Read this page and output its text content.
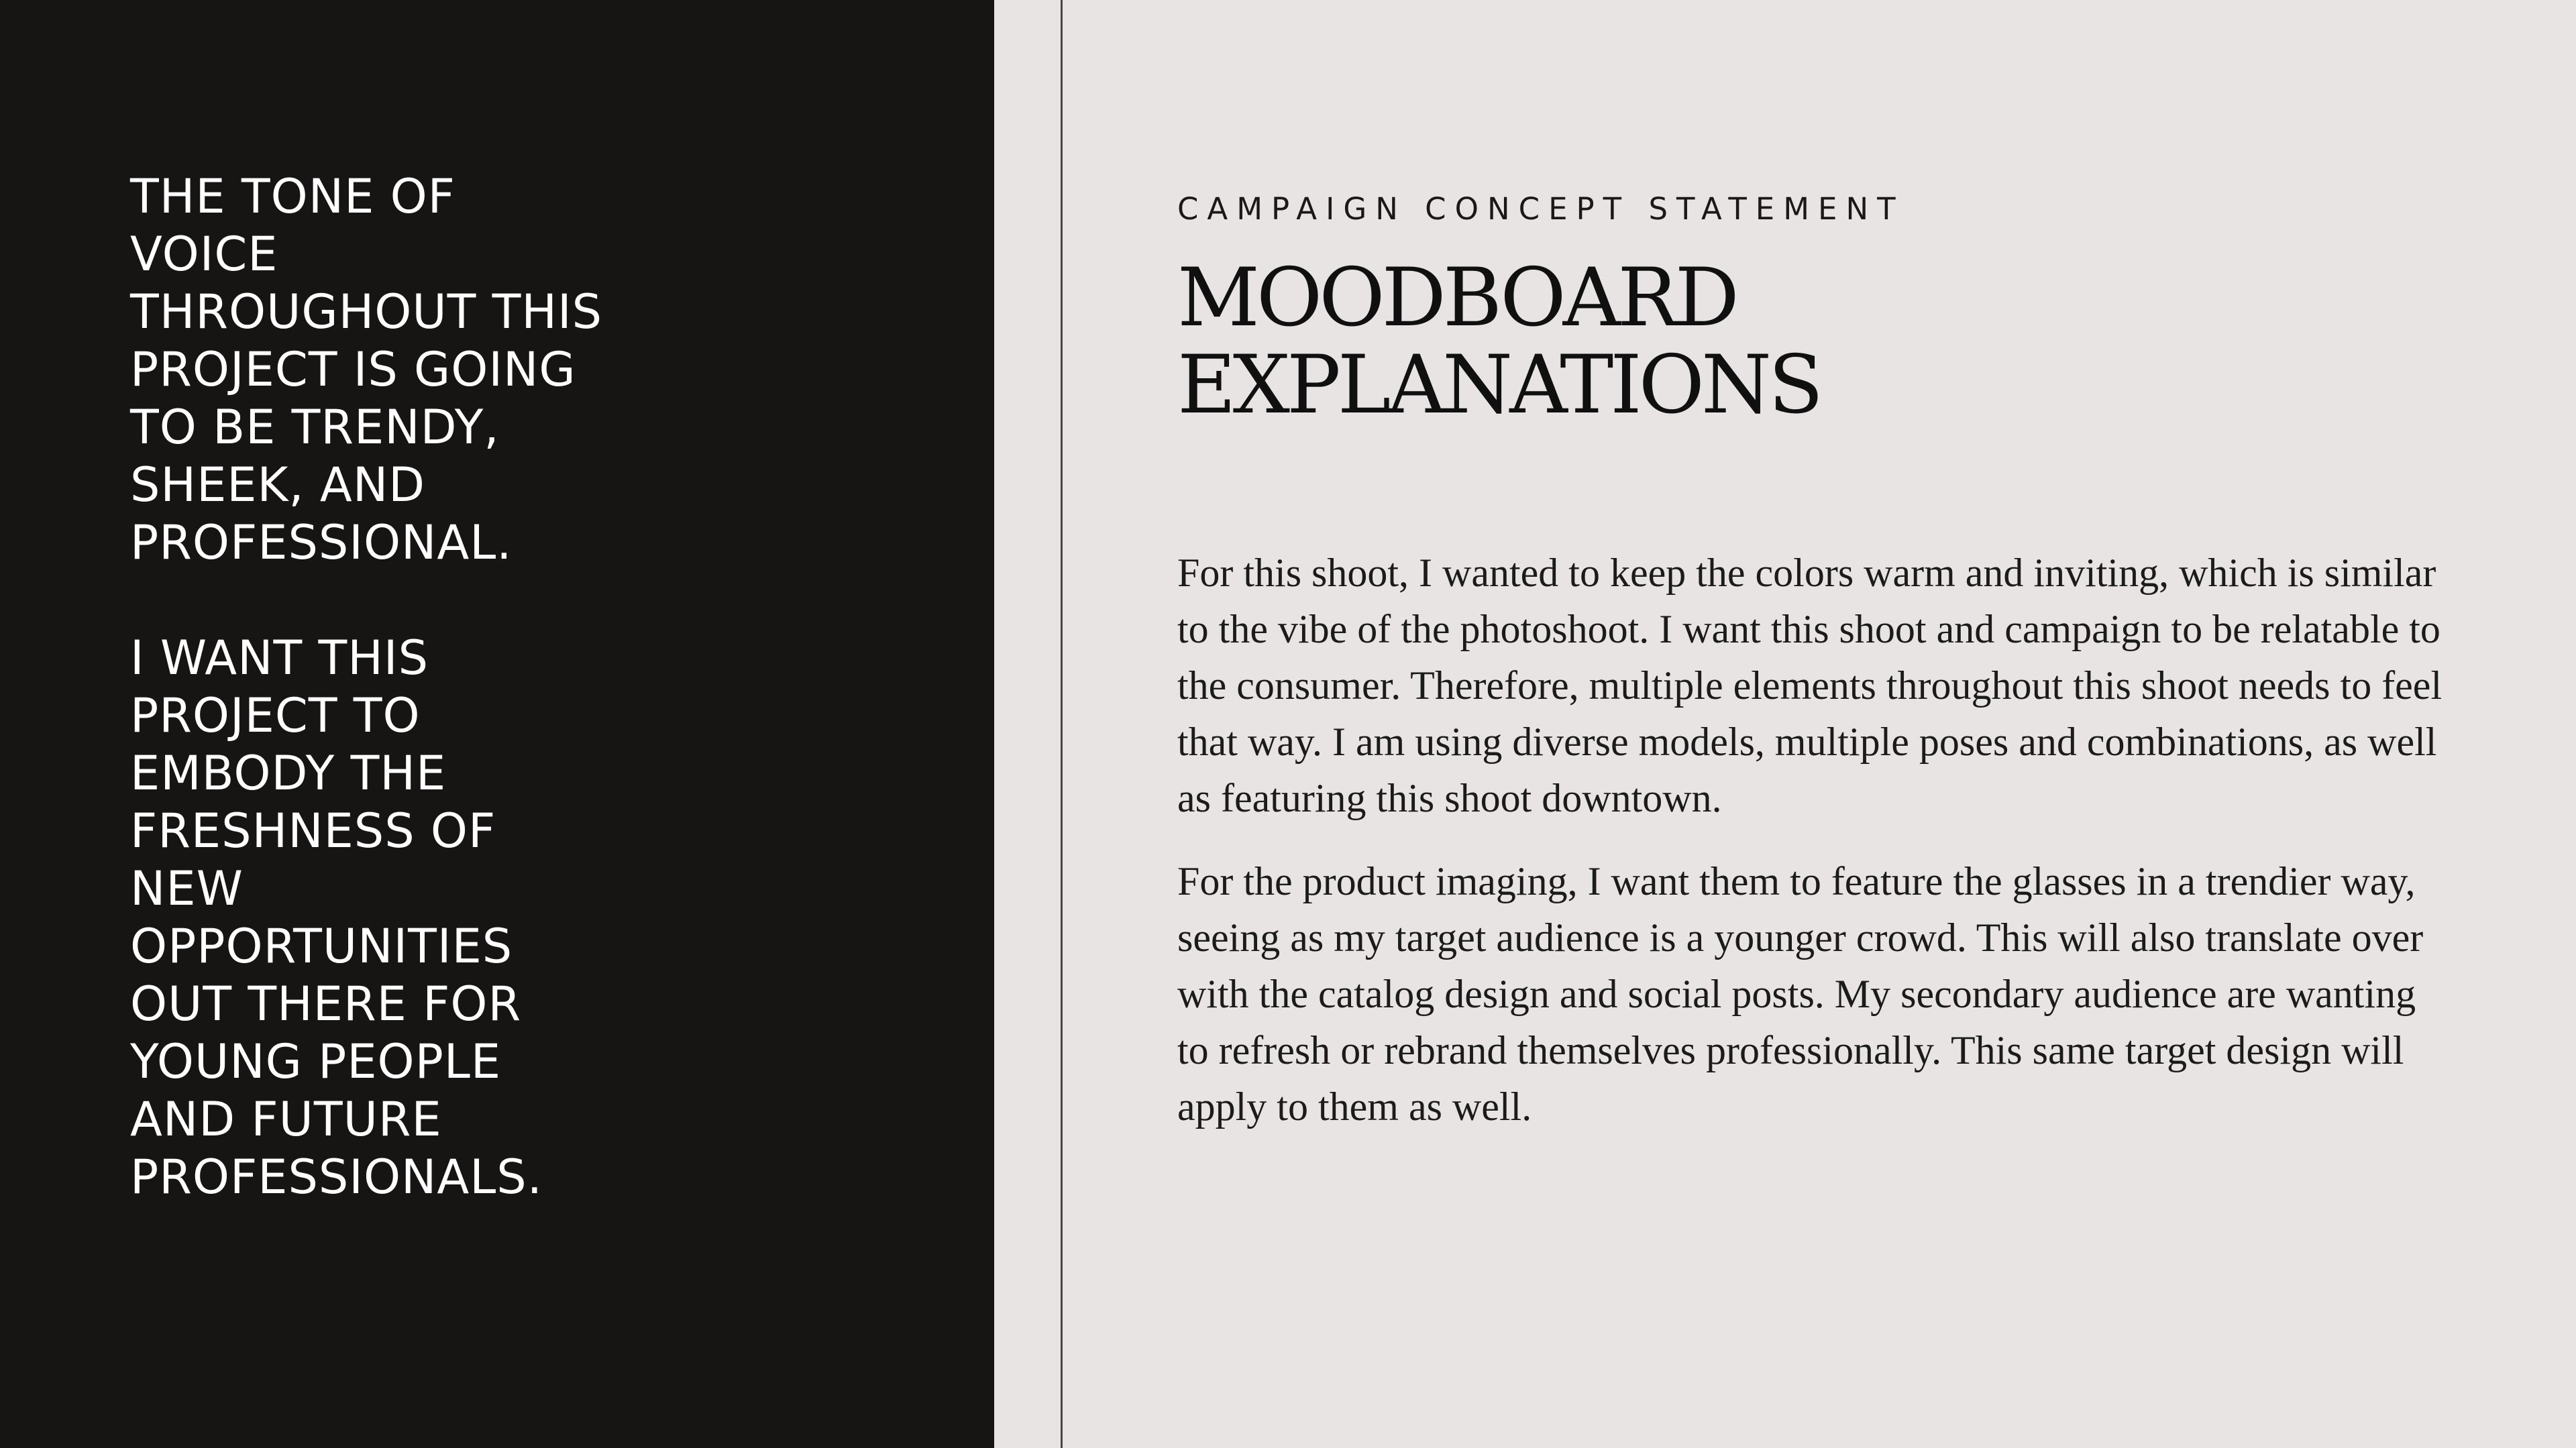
THE TONE OF VOICE THROUGHOUT THIS PROJECT IS GOING TO BE TRENDY, SHEEK, AND PROFESSIONAL.

I WANT THIS PROJECT TO EMBODY THE FRESHNESS OF NEW OPPORTUNITIES OUT THERE FOR YOUNG PEOPLE AND FUTURE PROFESSIONALS.

CAMPAIGN CONCEPT STATEMENT
MOODBOARD
EXPLANATIONS

For this shoot, I wanted to keep the colors warm and inviting, which is similar to the vibe of the photoshoot. I want this shoot and campaign to be relatable to the consumer. Therefore, multiple elements throughout this shoot needs to feel that way. I am using diverse models, multiple poses and combinations, as well as featuring this shoot downtown.

For the product imaging, I want them to feature the glasses in a trendier way, seeing as my target audience is a younger crowd. This will also translate over with the catalog design and social posts. My secondary audience are wanting to refresh or rebrand themselves professionally. This same target design will apply to them as well.
